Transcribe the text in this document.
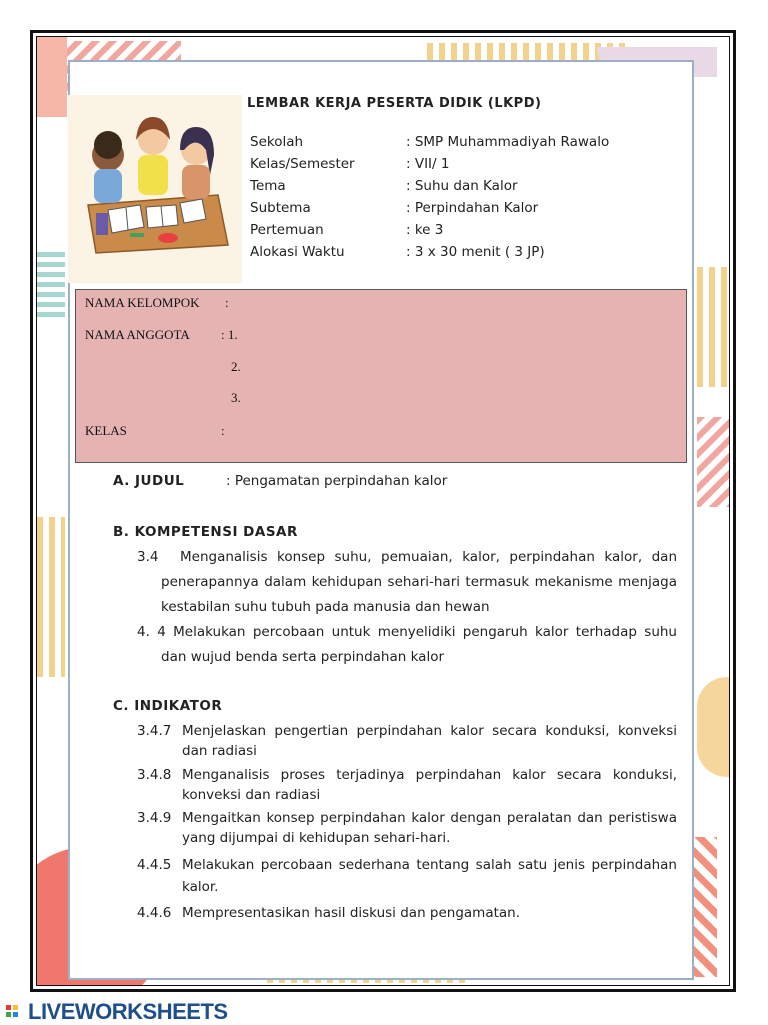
LEMBAR KERJA PESERTA DIDIK (LKPD)
Sekolah	: SMP Muhammadiyah Rawalo
Kelas/Semester	: VII/ 1
Tema	: Suhu dan Kalor
Subtema	: Perpindahan Kalor
Pertemuan	: ke 3
Alokasi Waktu	: 3 x 30 menit ( 3 JP)
NAMA KELOMPOK :
NAMA ANGGOTA : 1.
2.
3.
KELAS	:
A. JUDUL	: Pengamatan perpindahan kalor
B. KOMPETENSI DASAR
3.4 Menganalisis konsep suhu, pemuaian, kalor, perpindahan kalor, dan
penerapannya dalam kehidupan sehari-hari termasuk mekanisme menjaga
kestabilan suhu tubuh pada manusia dan hewan
4. 4 Melakukan percobaan untuk menyelidiki pengaruh kalor terhadap suhu
dan wujud benda serta perpindahan kalor
C. INDIKATOR
3.4.7 Menjelaskan pengertian perpindahan kalor secara konduksi, konveksi
dan radiasi
3.4.8 Menganalisis proses terjadinya perpindahan kalor secara konduksi,
konveksi dan radiasi
3.4.9 Mengaitkan konsep perpindahan kalor dengan peralatan dan peristiswa
yang dijumpai di kehidupan sehari-hari.
4.4.5 Melakukan percobaan sederhana tentang salah satu jenis perpindahan
kalor.
4.4.6 Mempresentasikan hasil diskusi dan pengamatan.
LIVEWORKSHEETS
